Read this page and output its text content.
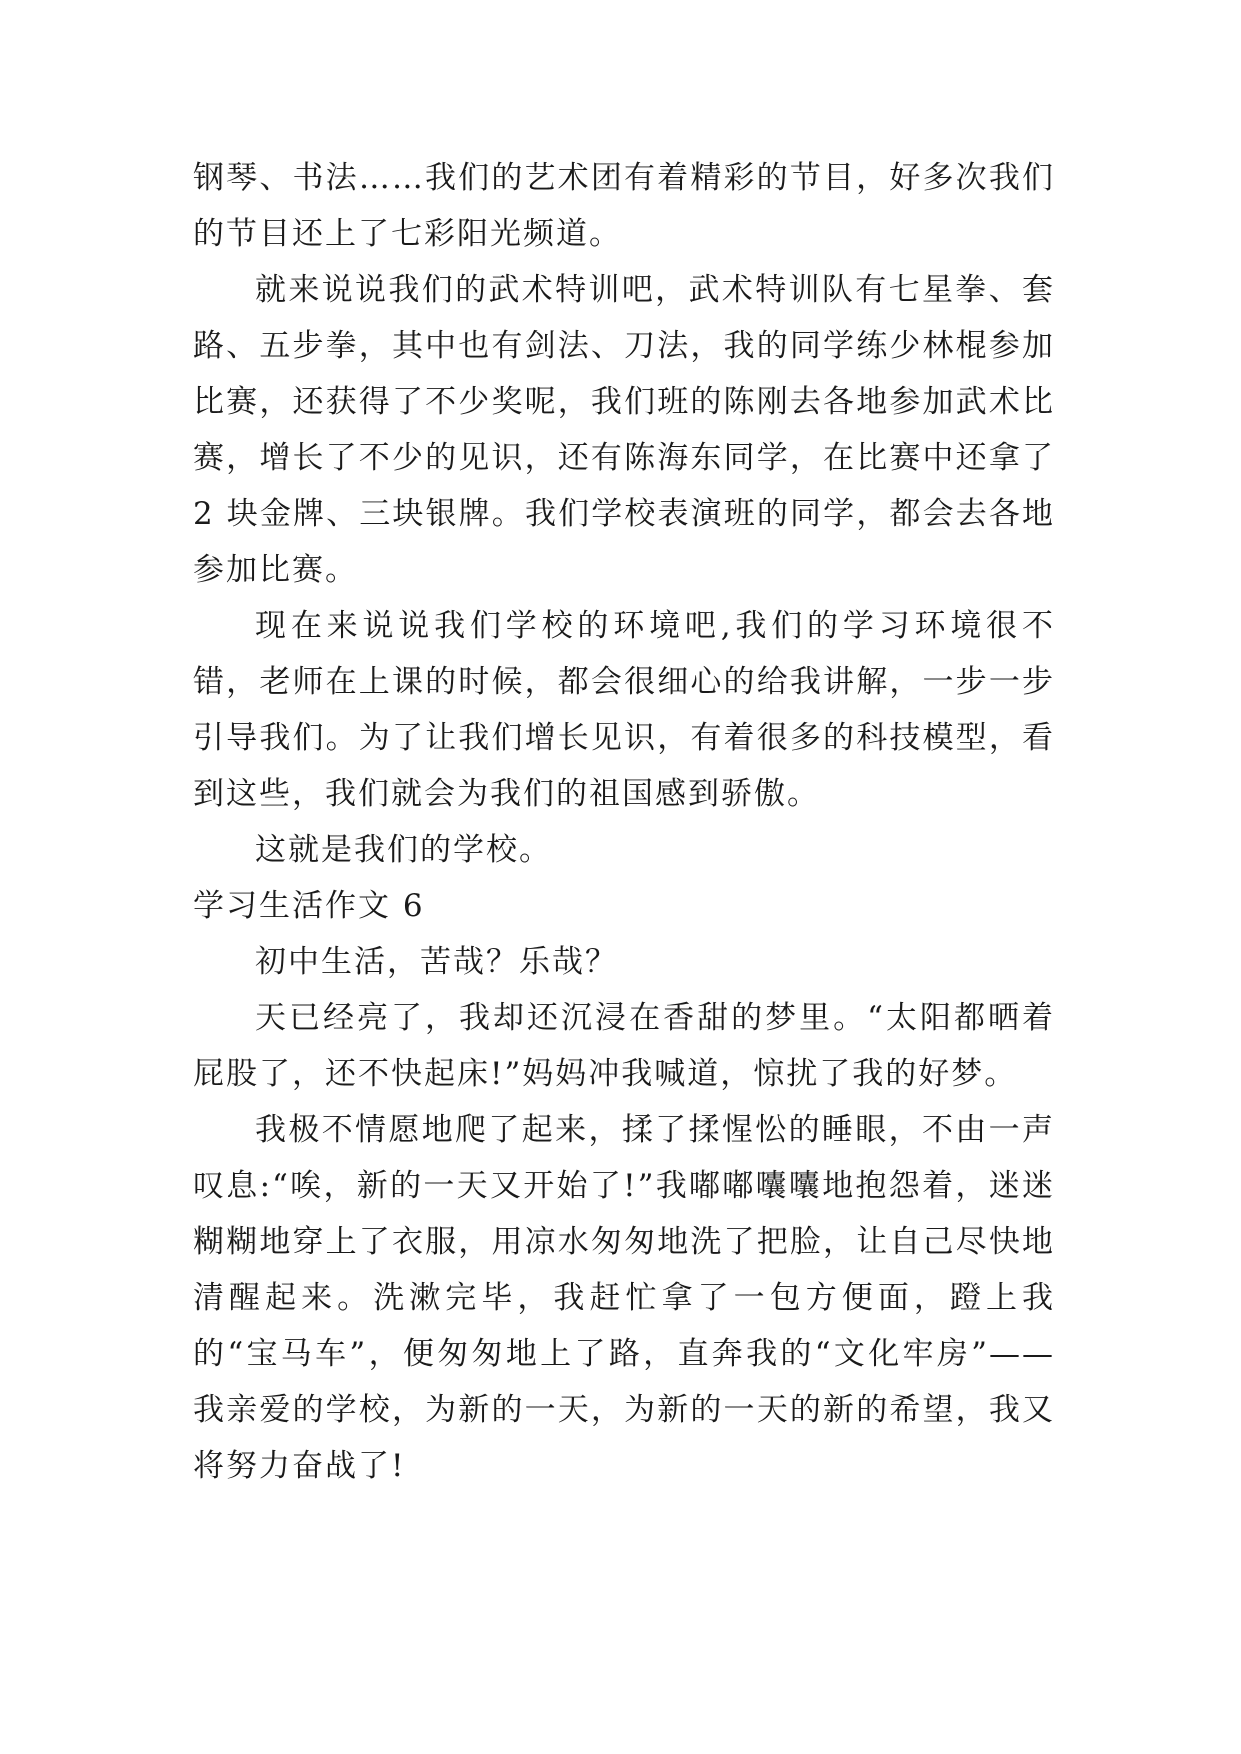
钢琴、书法……我们的艺术团有着精彩的节目，好多次我们的节目还上了七彩阳光频道。

就来说说我们的武术特训吧，武术特训队有七星拳、套路、五步拳，其中也有剑法、刀法，我的同学练少林棍参加比赛，还获得了不少奖呢，我们班的陈刚去各地参加武术比赛，增长了不少的见识，还有陈海东同学，在比赛中还拿了 2 块金牌、三块银牌。我们学校表演班的同学，都会去各地参加比赛。

现在来说说我们学校的环境吧,我们的学习环境很不错，老师在上课的时候，都会很细心的给我讲解，一步一步引导我们。为了让我们增长见识，有着很多的科技模型，看到这些，我们就会为我们的祖国感到骄傲。

这就是我们的学校。

学习生活作文 6

初中生活，苦哉？乐哉？

天已经亮了，我却还沉浸在香甜的梦里。“太阳都晒着屁股了，还不快起床!”妈妈冲我喊道，惊扰了我的好梦。

我极不情愿地爬了起来，揉了揉惺忪的睡眼，不由一声叹息:“唉，新的一天又开始了!”我嘟嘟囔囔地抱怨着，迷迷糊糊地穿上了衣服，用凉水匆匆地洗了把脸，让自己尽快地清醒起来。洗漱完毕，我赶忙拿了一包方便面，蹬上我的“宝马车”，便匆匆地上了路，直奔我的“文化牢房”——我亲爱的学校，为新的一天，为新的一天的新的希望，我又将努力奋战了!
